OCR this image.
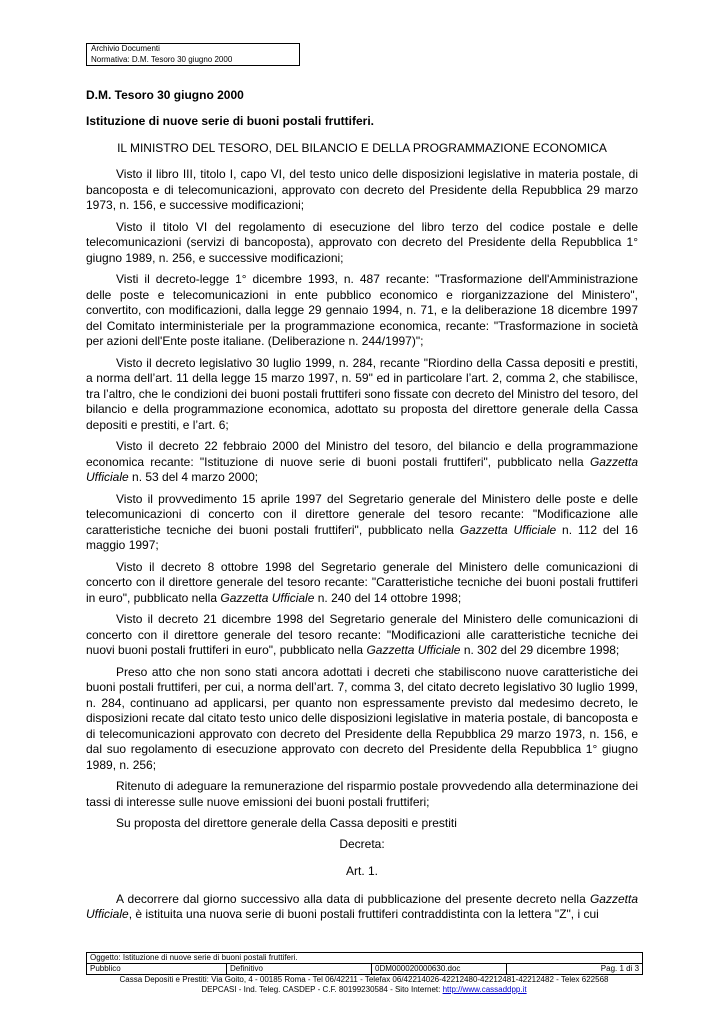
Archivio Documenti
Normativa: D.M. Tesoro 30 giugno 2000
D.M. Tesoro 30 giugno 2000
Istituzione di nuove serie di buoni postali fruttiferi.
IL MINISTRO DEL TESORO, DEL BILANCIO E DELLA PROGRAMMAZIONE ECONOMICA

Visto il libro III, titolo I, capo VI, del testo unico delle disposizioni legislative in materia postale, di bancoposta e di telecomunicazioni, approvato con decreto del Presidente della Repubblica 29 marzo 1973, n. 156, e successive modificazioni;

Visto il titolo VI del regolamento di esecuzione del libro terzo del codice postale e delle telecomunicazioni (servizi di bancoposta), approvato con decreto del Presidente della Repubblica 1° giugno 1989, n. 256, e successive modificazioni;

Visti il decreto-legge 1° dicembre 1993, n. 487 recante: "Trasformazione dell'Amministrazione delle poste e telecomunicazioni in ente pubblico economico e riorganizzazione del Ministero", convertito, con modificazioni, dalla legge 29 gennaio 1994, n. 71, e la deliberazione 18 dicembre 1997 del Comitato interministeriale per la programmazione economica, recante: "Trasformazione in società per azioni dell'Ente poste italiane. (Deliberazione n. 244/1997)";

Visto il decreto legislativo 30 luglio 1999, n. 284, recante "Riordino della Cassa depositi e prestiti, a norma dell’art. 11 della legge 15 marzo 1997, n. 59" ed in particolare l’art. 2, comma 2, che stabilisce, tra l’altro, che le condizioni dei buoni postali fruttiferi sono fissate con decreto del Ministro del tesoro, del bilancio e della programmazione economica, adottato su proposta del direttore generale della Cassa depositi e prestiti, e l’art. 6;

Visto il decreto 22 febbraio 2000 del Ministro del tesoro, del bilancio e della programmazione economica recante: "Istituzione di nuove serie di buoni postali fruttiferi", pubblicato nella Gazzetta Ufficiale n. 53 del 4 marzo 2000;

Visto il provvedimento 15 aprile 1997 del Segretario generale del Ministero delle poste e delle telecomunicazioni di concerto con il direttore generale del tesoro recante: "Modificazione alle caratteristiche tecniche dei buoni postali fruttiferi", pubblicato nella Gazzetta Ufficiale n. 112 del 16 maggio 1997;

Visto il decreto 8 ottobre 1998 del Segretario generale del Ministero delle comunicazioni di concerto con il direttore generale del tesoro recante: "Caratteristiche tecniche dei buoni postali fruttiferi in euro", pubblicato nella Gazzetta Ufficiale n. 240 del 14 ottobre 1998;

Visto il decreto 21 dicembre 1998 del Segretario generale del Ministero delle comunicazioni di concerto con il direttore generale del tesoro recante: "Modificazioni alle caratteristiche tecniche dei nuovi buoni postali fruttiferi in euro", pubblicato nella Gazzetta Ufficiale n. 302 del 29 dicembre 1998;

Preso atto che non sono stati ancora adottati i decreti che stabiliscono nuove caratteristiche dei buoni postali fruttiferi, per cui, a norma dell’art. 7, comma 3, del citato decreto legislativo 30 luglio 1999, n. 284, continuano ad applicarsi, per quanto non espressamente previsto dal medesimo decreto, le disposizioni recate dal citato testo unico delle disposizioni legislative in materia postale, di bancoposta e di telecomunicazioni approvato con decreto del Presidente della Repubblica 29 marzo 1973, n. 156, e dal suo regolamento di esecuzione approvato con decreto del Presidente della Repubblica 1° giugno 1989, n. 256;

Ritenuto di adeguare la remunerazione del risparmio postale provvedendo alla determinazione dei tassi di interesse sulle nuove emissioni dei buoni postali fruttiferi;

Su proposta del direttore generale della Cassa depositi e prestiti

Decreta:

Art. 1.

A decorrere dal giorno successivo alla data di pubblicazione del presente decreto nella Gazzetta Ufficiale, è istituita una nuova serie di buoni postali fruttiferi contraddistinta con la lettera "Z", i cui

Oggetto: Istituzione di nuove serie di buoni postali fruttiferi.
Pubblico	Definitivo	0DM000020000630.doc	Pag. 1 di 3
Cassa Depositi e Prestiti: Via Goito, 4 - 00185 Roma - Tel 06/42211 - Telefax 06/42214026-42212480-42212481-42212482 - Telex 622568
DEPCASI - Ind. Teleg. CASDEP - C.F. 80199230584 - Sito Internet: http://www.cassaddpp.it
